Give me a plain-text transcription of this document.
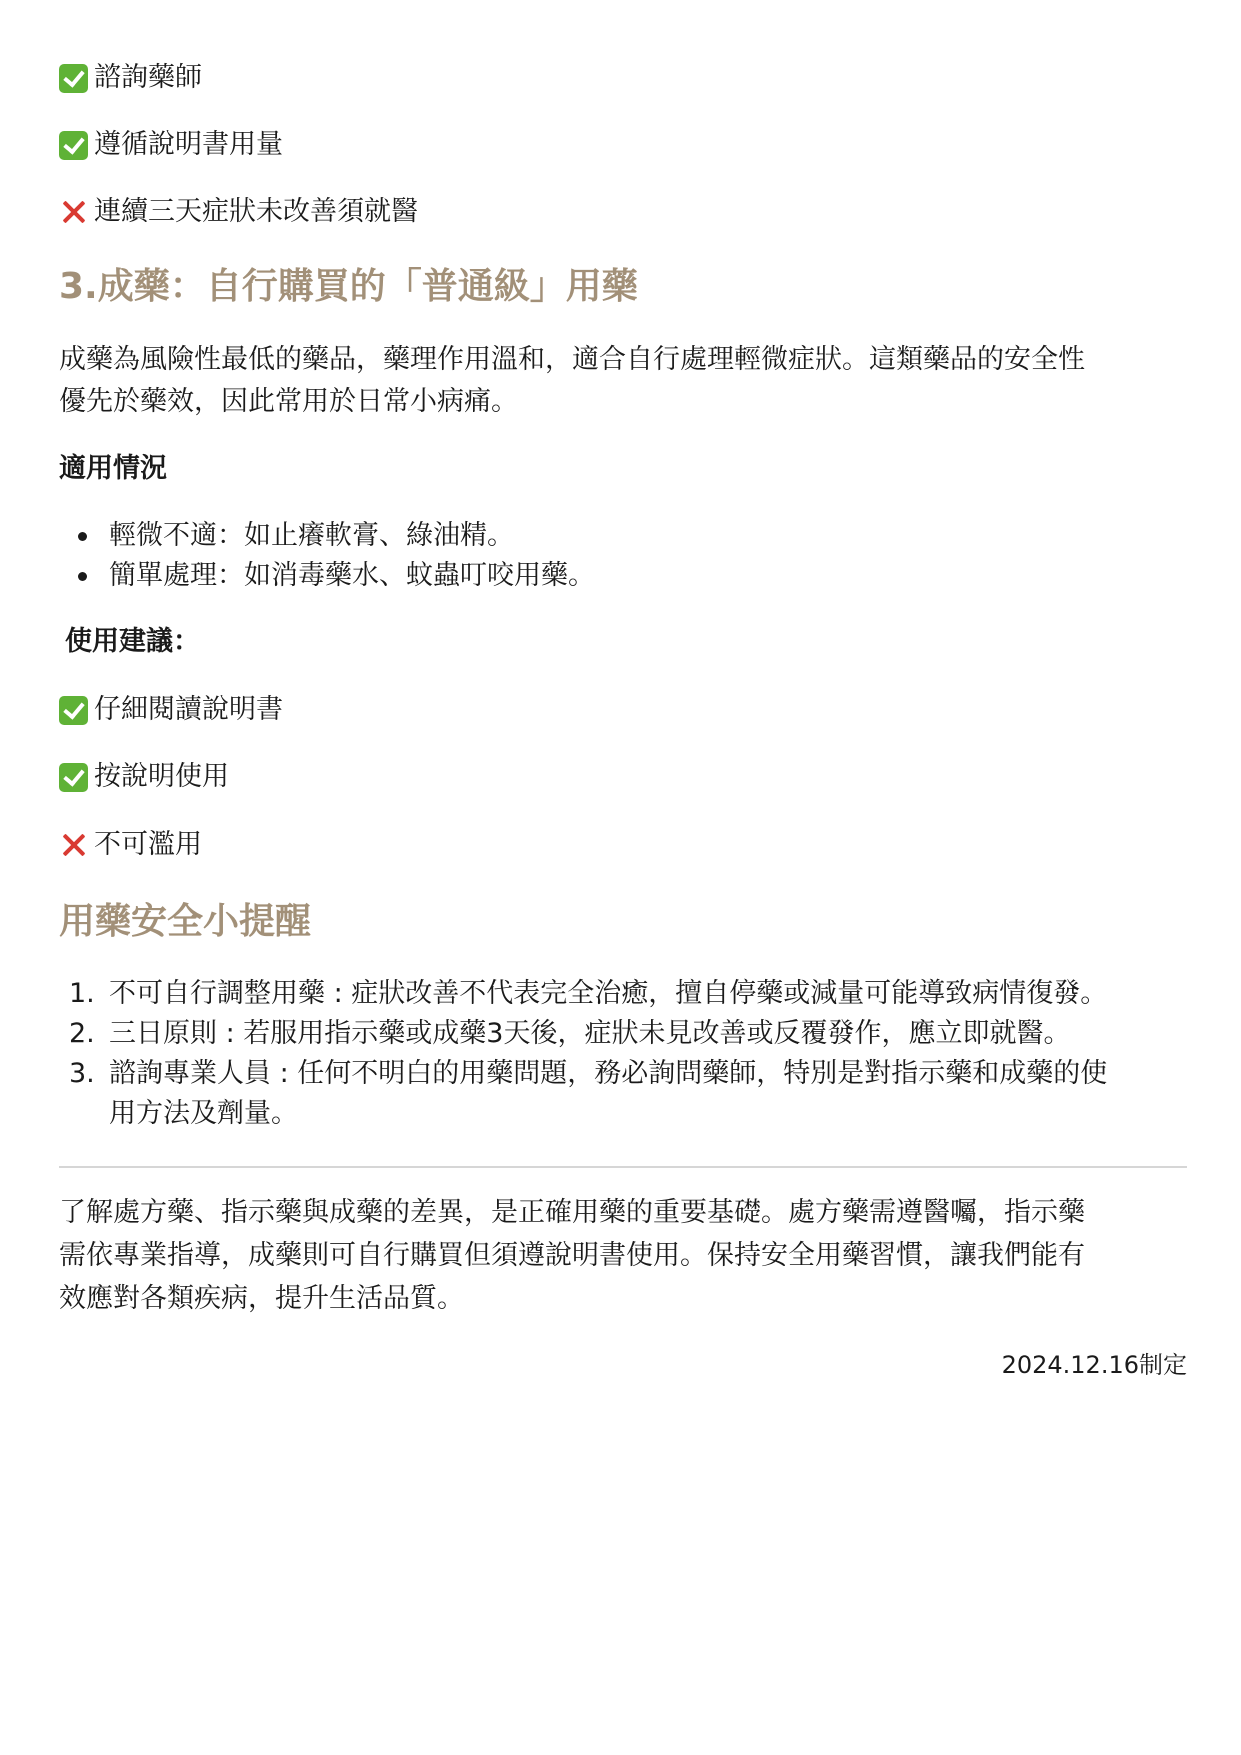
諮詢藥師
遵循說明書用量
連續三天症狀未改善須就醫
3.成藥：自行購買的「普通級」用藥
成藥為風險性最低的藥品，藥理作用溫和，適合自行處理輕微症狀。這類藥品的安全性
優先於藥效，因此常用於日常小病痛。
適用情況
輕微不適：如止癢軟膏、綠油精。
簡單處理：如消毒藥水、蚊蟲叮咬用藥。
使用建議：
仔細閱讀說明書
按說明使用
不可濫用
用藥安全小提醒
1. 不可自行調整用藥 : 症狀改善不代表完全治癒，擅自停藥或減量可能導致病情復發。
2. 三日原則 : 若服用指示藥或成藥3天後，症狀未見改善或反覆發作，應立即就醫。
3. 諮詢專業人員 : 任何不明白的用藥問題，務必詢問藥師，特別是對指示藥和成藥的使
用方法及劑量。
了解處方藥、指示藥與成藥的差異，是正確用藥的重要基礎。處方藥需遵醫囑，指示藥
需依專業指導，成藥則可自行購買但須遵說明書使用。保持安全用藥習慣，讓我們能有
效應對各類疾病，提升生活品質。
2024.12.16制定
